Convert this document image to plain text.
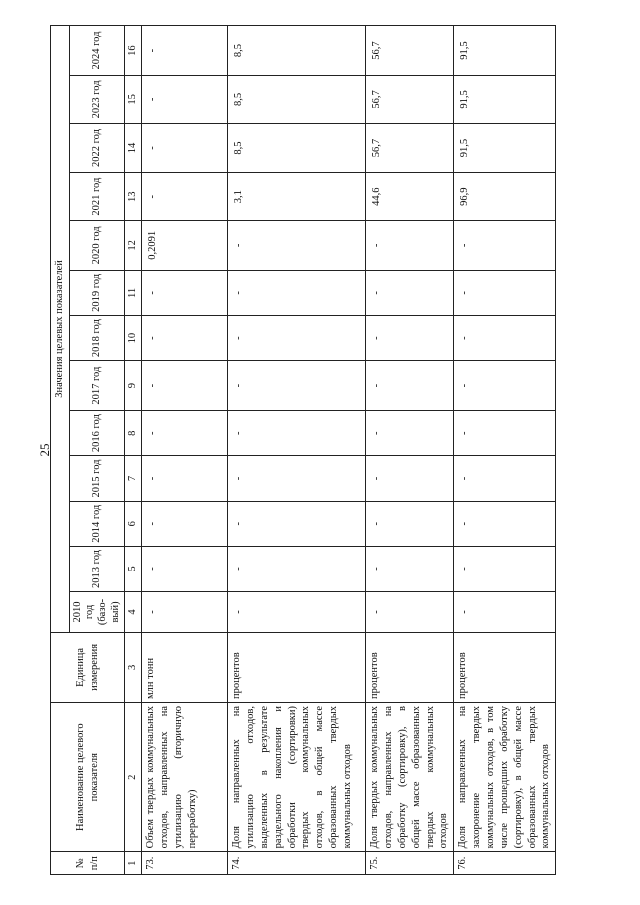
25
№ п/п	Наименование целевого показателя	Единица измерения	Значения целевых показателей												
			2010 год (базо-вый)	2013 год	2014 год	2015 год	2016 год	2017 год	2018 год	2019 год	2020 год	2021 год	2022 год	2023 год	2024 год
1	2	3	4	5	6	7	8	9	10	11	12	13	14	15	16
73.	Объем твердых коммунальных отходов, направленных на утилизацию (вторичную переработку)	млн тонн	-	-	-	-	-	-	-	-	0,2091	-	-	-	-
74.	Доля направленных на утилизацию отходов, выделенных в результате раздельного накопления и обработки (сортировки) твердых коммунальных отходов, в общей массе образованных твердых коммунальных отходов	процентов	-	-	-	-	-	-	-	-	-	3,1	8,5	8,5	8,5
75.	Доля твердых коммунальных отходов, направленных на обработку (сортировку), в общей массе образованных твердых коммунальных отходов	процентов	-	-	-	-	-	-	-	-	-	44,6	56,7	56,7	56,7
76.	Доля направленных на захоронение твердых коммунальных отходов, в том числе прошедших обработку (сортировку), в общей массе образованных твердых коммунальных отходов	процентов	-	-	-	-	-	-	-	-	-	96,9	91,5	91,5	91,5
